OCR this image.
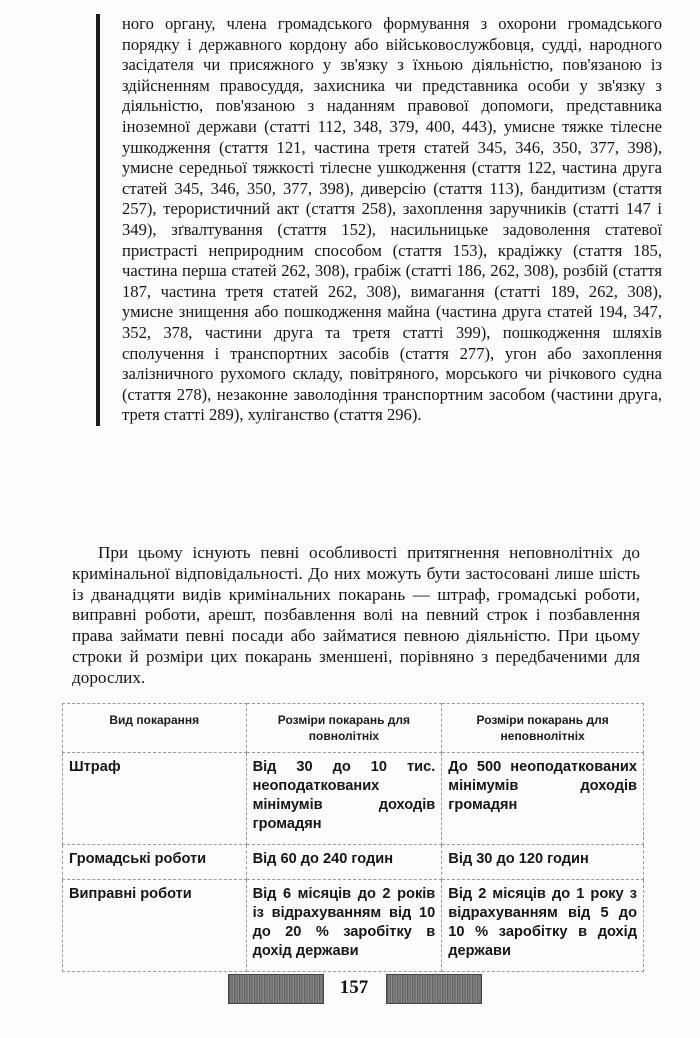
ного органу, члена громадського формування з охорони громадського порядку і державного кордону або військовослужбовця, судді, народного засідателя чи присяжного у зв'язку з їхньою діяльністю, пов'язаною із здійсненням правосуддя, захисника чи представника особи у зв'язку з діяльністю, пов'язаною з наданням правової допомоги, представника іноземної держави (статті 112, 348, 379, 400, 443), умисне тяжке тілесне ушкодження (стаття 121, частина третя статей 345, 346, 350, 377, 398), умисне середньої тяжкості тілесне ушкодження (стаття 122, частина друга статей 345, 346, 350, 377, 398), диверсію (стаття 113), бандитизм (стаття 257), терористичний акт (стаття 258), захоплення заручників (статті 147 і 349), зґвалтування (стаття 152), насильницьке задоволення статевої пристрасті неприродним способом (стаття 153), крадіжку (стаття 185, частина перша статей 262, 308), грабіж (статті 186, 262, 308), розбій (стаття 187, частина третя статей 262, 308), вимагання (статті 189, 262, 308), умисне знищення або пошкодження майна (частина друга статей 194, 347, 352, 378, частини друга та третя статті 399), пошкодження шляхів сполучення і транспортних засобів (стаття 277), угон або захоплення залізничного рухомого складу, повітряного, морського чи річкового судна (стаття 278), незаконне заволодіння транспортним засобом (частини друга, третя статті 289), хуліганство (стаття 296).
При цьому існують певні особливості притягнення неповнолітніх до кримінальної відповідальності. До них можуть бути застосовані лише шість із дванадцяти видів кримінальних покарань — штраф, громадські роботи, виправні роботи, арешт, позбавлення волі на певний строк і позбавлення права займати певні посади або займатися певною діяльністю. При цьому строки й розміри цих покарань зменшені, порівняно з передбаченими для дорослих.
Вид покарання	Розміри покарань для повнолітніх	Розміри покарань для неповнолітніх
Штраф	Від 30 до 10 тис. неоподаткованих мінімумів доходів громадян	До 500 неоподаткованих мінімумів доходів громадян
Громадські роботи	Від 60 до 240 годин	Від 30 до 120 годин
Виправні роботи	Від 6 місяців до 2 років із відрахуванням від 10 до 20 % заробітку в дохід держави	Від 2 місяців до 1 року з відрахуванням від 5 до 10 % заробітку в дохід держави
157
